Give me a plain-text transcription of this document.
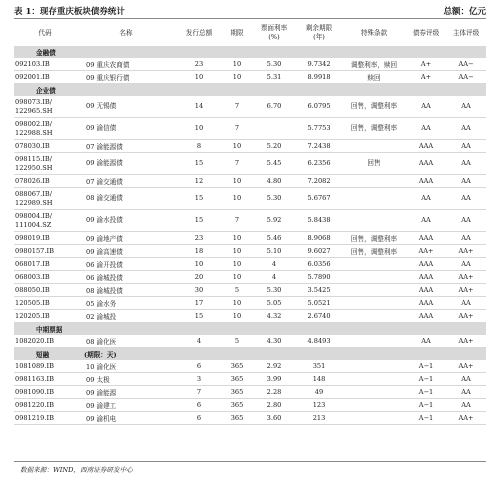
表 1：现存重庆板块债券统计	总额：亿元
代码	名称	发行总额	期限	票面利率
(%)	剩余期限
(年)	特殊条款	债券评级	主体评级
金融债								
092103.IB	09 重庆农商债	23	10	5.30	9.7342	调整利率，赎回	A+	AA−
092001.IB	09 重庆银行债	10	10	5.31	8.9918	赎回	A+	AA−
企业债								
098073.IB/
122965.SH	09 无锡债	14	7	6.70	6.0795	回售，调整利率	AA	AA
098002.IB/
122988.SH	09 渝信债	10	7		5.7753	回售，调整利率	AA	AA
078030.IB	07 渝能源债	8	10	5.20	7.2438		AAA	AA
098115.IB/
122950.SH	09 渝能源债	15	7	5.45	6.2356	回售	AAA	AA
078026.IB	07 渝交通债	12	10	4.80	7.2082		AAA	AA
088067.IB/
122989.SH	08 渝交通债	15	10	5.30	5.6767		AA	AA
098004.IB/
111004.SZ	09 渝水投债	15	7	5.92	5.8438		AA	AA
098019.IB	09 渝地产债	23	10	5.46	8.9068	回售，调整利率	AAA	AA
0980157.IB	09 渝高速债	18	10	5.10	9.6027	回售，调整利率	AA+	AA+
068017.IB	06 渝开投债	10	10	4	6.0356		AAA	AA
068003.IB	06 渝城投债	20	10	4	5.7890		AAA	AA+
088050.IB	08 渝城投债	30	5	5.30	3.5425		AAA	AA+
120505.IB	05 渝水务	17	10	5.05	5.0521		AAA	AA
120205.IB	02 渝城投	15	10	4.32	2.6740		AAA	AA+
中期票据								
1082020.IB	08 渝化医	4	5	4.30	4.8493		AA	AA+
短融	(期限：天)							
1081089.IB	10 渝化医	6	365	2.92	351		A−1	AA+
0981163.IB	09 太极	3	365	3.99	148		A−1	AA
0981090.IB	09 渝能源	7	365	2.28	49		A−1	AA
0981220.IB	09 渝建工	6	365	2.80	123		A−1	AA
0981219.IB	09 渝机电	6	365	3.60	213		A−1	AA+
数据来源：WIND，西南证券研发中心
